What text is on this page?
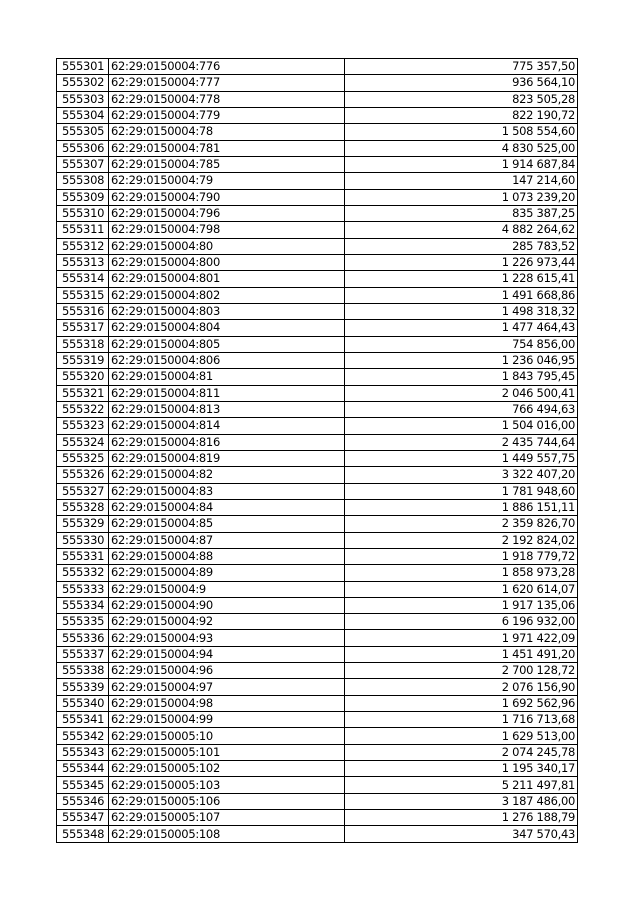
555301	62:29:0150004:776	775 357,50
555302	62:29:0150004:777	936 564,10
555303	62:29:0150004:778	823 505,28
555304	62:29:0150004:779	822 190,72
555305	62:29:0150004:78	1 508 554,60
555306	62:29:0150004:781	4 830 525,00
555307	62:29:0150004:785	1 914 687,84
555308	62:29:0150004:79	147 214,60
555309	62:29:0150004:790	1 073 239,20
555310	62:29:0150004:796	835 387,25
555311	62:29:0150004:798	4 882 264,62
555312	62:29:0150004:80	285 783,52
555313	62:29:0150004:800	1 226 973,44
555314	62:29:0150004:801	1 228 615,41
555315	62:29:0150004:802	1 491 668,86
555316	62:29:0150004:803	1 498 318,32
555317	62:29:0150004:804	1 477 464,43
555318	62:29:0150004:805	754 856,00
555319	62:29:0150004:806	1 236 046,95
555320	62:29:0150004:81	1 843 795,45
555321	62:29:0150004:811	2 046 500,41
555322	62:29:0150004:813	766 494,63
555323	62:29:0150004:814	1 504 016,00
555324	62:29:0150004:816	2 435 744,64
555325	62:29:0150004:819	1 449 557,75
555326	62:29:0150004:82	3 322 407,20
555327	62:29:0150004:83	1 781 948,60
555328	62:29:0150004:84	1 886 151,11
555329	62:29:0150004:85	2 359 826,70
555330	62:29:0150004:87	2 192 824,02
555331	62:29:0150004:88	1 918 779,72
555332	62:29:0150004:89	1 858 973,28
555333	62:29:0150004:9	1 620 614,07
555334	62:29:0150004:90	1 917 135,06
555335	62:29:0150004:92	6 196 932,00
555336	62:29:0150004:93	1 971 422,09
555337	62:29:0150004:94	1 451 491,20
555338	62:29:0150004:96	2 700 128,72
555339	62:29:0150004:97	2 076 156,90
555340	62:29:0150004:98	1 692 562,96
555341	62:29:0150004:99	1 716 713,68
555342	62:29:0150005:10	1 629 513,00
555343	62:29:0150005:101	2 074 245,78
555344	62:29:0150005:102	1 195 340,17
555345	62:29:0150005:103	5 211 497,81
555346	62:29:0150005:106	3 187 486,00
555347	62:29:0150005:107	1 276 188,79
555348	62:29:0150005:108	347 570,43
